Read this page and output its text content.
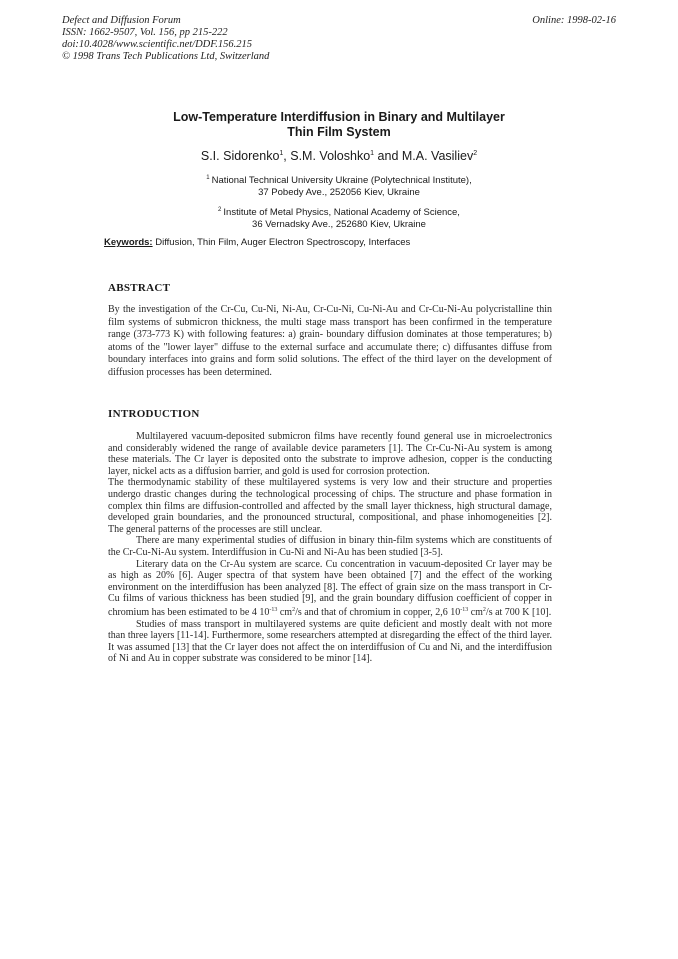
Defect and Diffusion Forum
ISSN: 1662-9507, Vol. 156, pp 215-222
doi:10.4028/www.scientific.net/DDF.156.215
© 1998 Trans Tech Publications Ltd, Switzerland
Online: 1998-02-16
Low-Temperature Interdiffusion in Binary and Multilayer
Thin Film System
S.I. Sidorenko$^1$, S.M. Voloshko$^1$ and M.A. Vasiliev$^2$
$^1$ National Technical University Ukraine (Polytechnical Institute),
37 Pobedy Ave., 252056 Kiev, Ukraine
$^2$ Institute of Metal Physics, National Academy of Science,
36 Vernadsky Ave., 252680 Kiev, Ukraine
Keywords: Diffusion, Thin Film, Auger Electron Spectroscopy, Interfaces
ABSTRACT
By the investigation of the Cr-Cu, Cu-Ni, Ni-Au, Cr-Cu-Ni, Cu-Ni-Au and Cr-Cu-Ni-Au polycristalline thin film systems of submicron thickness, the multi stage mass transport has been confirmed in the temperature range (373-773 K) with following features: a) grain- boundary diffusion dominates at those temperatures; b) atoms of the "lower layer" diffuse to the external surface and accumulate there; c) diffusantes diffuse from boundary interfaces into grains and form solid solutions. The effect of the third layer on the development of diffusion processes has been determined.
INTRODUCTION

Multilayered vacuum-deposited submicron films have recently found general use in microelectronics and considerably widened the range of available device parameters [1]. The Cr-Cu-Ni-Au system is among these materials. The Cr layer is deposited onto the substrate to improve adhesion, copper is the conducting layer, nickel acts as a diffusion barrier, and gold is used for corrosion protection.

The thermodynamic stability of these multilayered systems is very low and their structure and properties undergo drastic changes during the technological processing of chips. The structure and phase formation in complex thin films are diffusion-controlled and affected by the small layer thickness, high structural damage, developed grain boundaries, and the pronounced structural, compositional, and phase inhomogeneities [2]. The general patterns of the processes are still unclear.

There are many experimental studies of diffusion in binary thin-film systems which are constituents of the Cr-Cu-Ni-Au system. Interdiffusion in Cu-Ni and Ni-Au has been studied [3-5].

Literary data on the Cr-Au system are scarce. Cu concentration in vacuum-deposited Cr layer may be as high as 20% [6]. Auger spectra of that system have been obtained [7] and the effect of the working environment on the interdiffusion has been analyzed [8]. The effect of grain size on the mass transport in Cr-Cu films of various thickness has been studied [9], and the grain boundary diffusion coefficient of copper in chromium has been estimated to be 4 $10^{-13}$ $cm^2/s$ and that of chromium in copper, 2,6 $10^{-13}$ $cm^2/s$ at 700 K [10].

Studies of mass transport in multilayered systems are quite deficient and mostly dealt with not more than three layers [11-14]. Furthermore, some researchers attempted at disregarding the effect of the third layer. It was assumed [13] that the Cr layer does not affect the on interdiffusion of Cu and Ni, and the interdiffusion of Ni and Au in copper substrate was considered to be minor [14].
